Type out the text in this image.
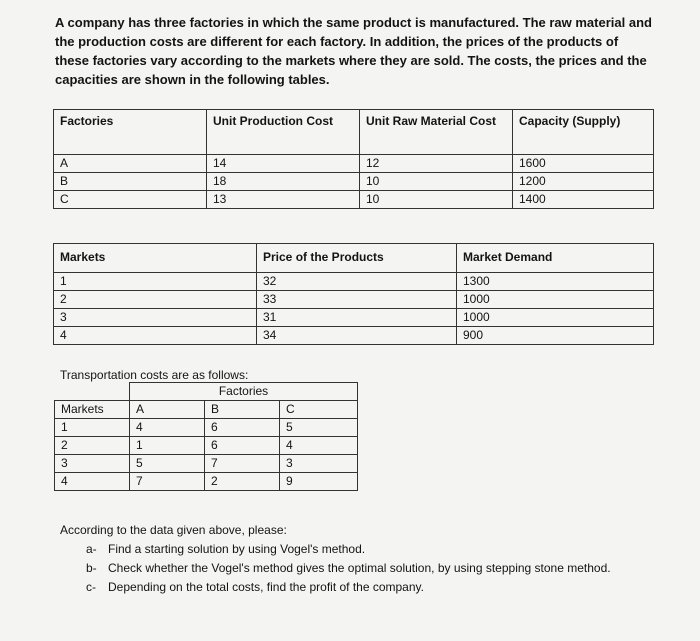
A company has three factories in which the same product is manufactured. The raw material and the production costs are different for each factory. In addition, the prices of the products of these factories vary according to the markets where they are sold. The costs, the prices and the capacities are shown in the following tables.
Factories	Unit Production Cost	Unit Raw Material Cost	Capacity (Supply)
A	14	12	1600
B	18	10	1200
C	13	10	1400
Markets	Price of the Products	Market Demand
1	32	1300
2	33	1000
3	31	1000
4	34	900
Transportation costs are as follows:
	Factories		
Markets	A	B	C
1	4	6	5
2	1	6	4
3	5	7	3
4	7	2	9
According to the data given above, please:
a- Find a starting solution by using Vogel's method.
b- Check whether the Vogel's method gives the optimal solution, by using stepping stone method.
c- Depending on the total costs, find the profit of the company.
